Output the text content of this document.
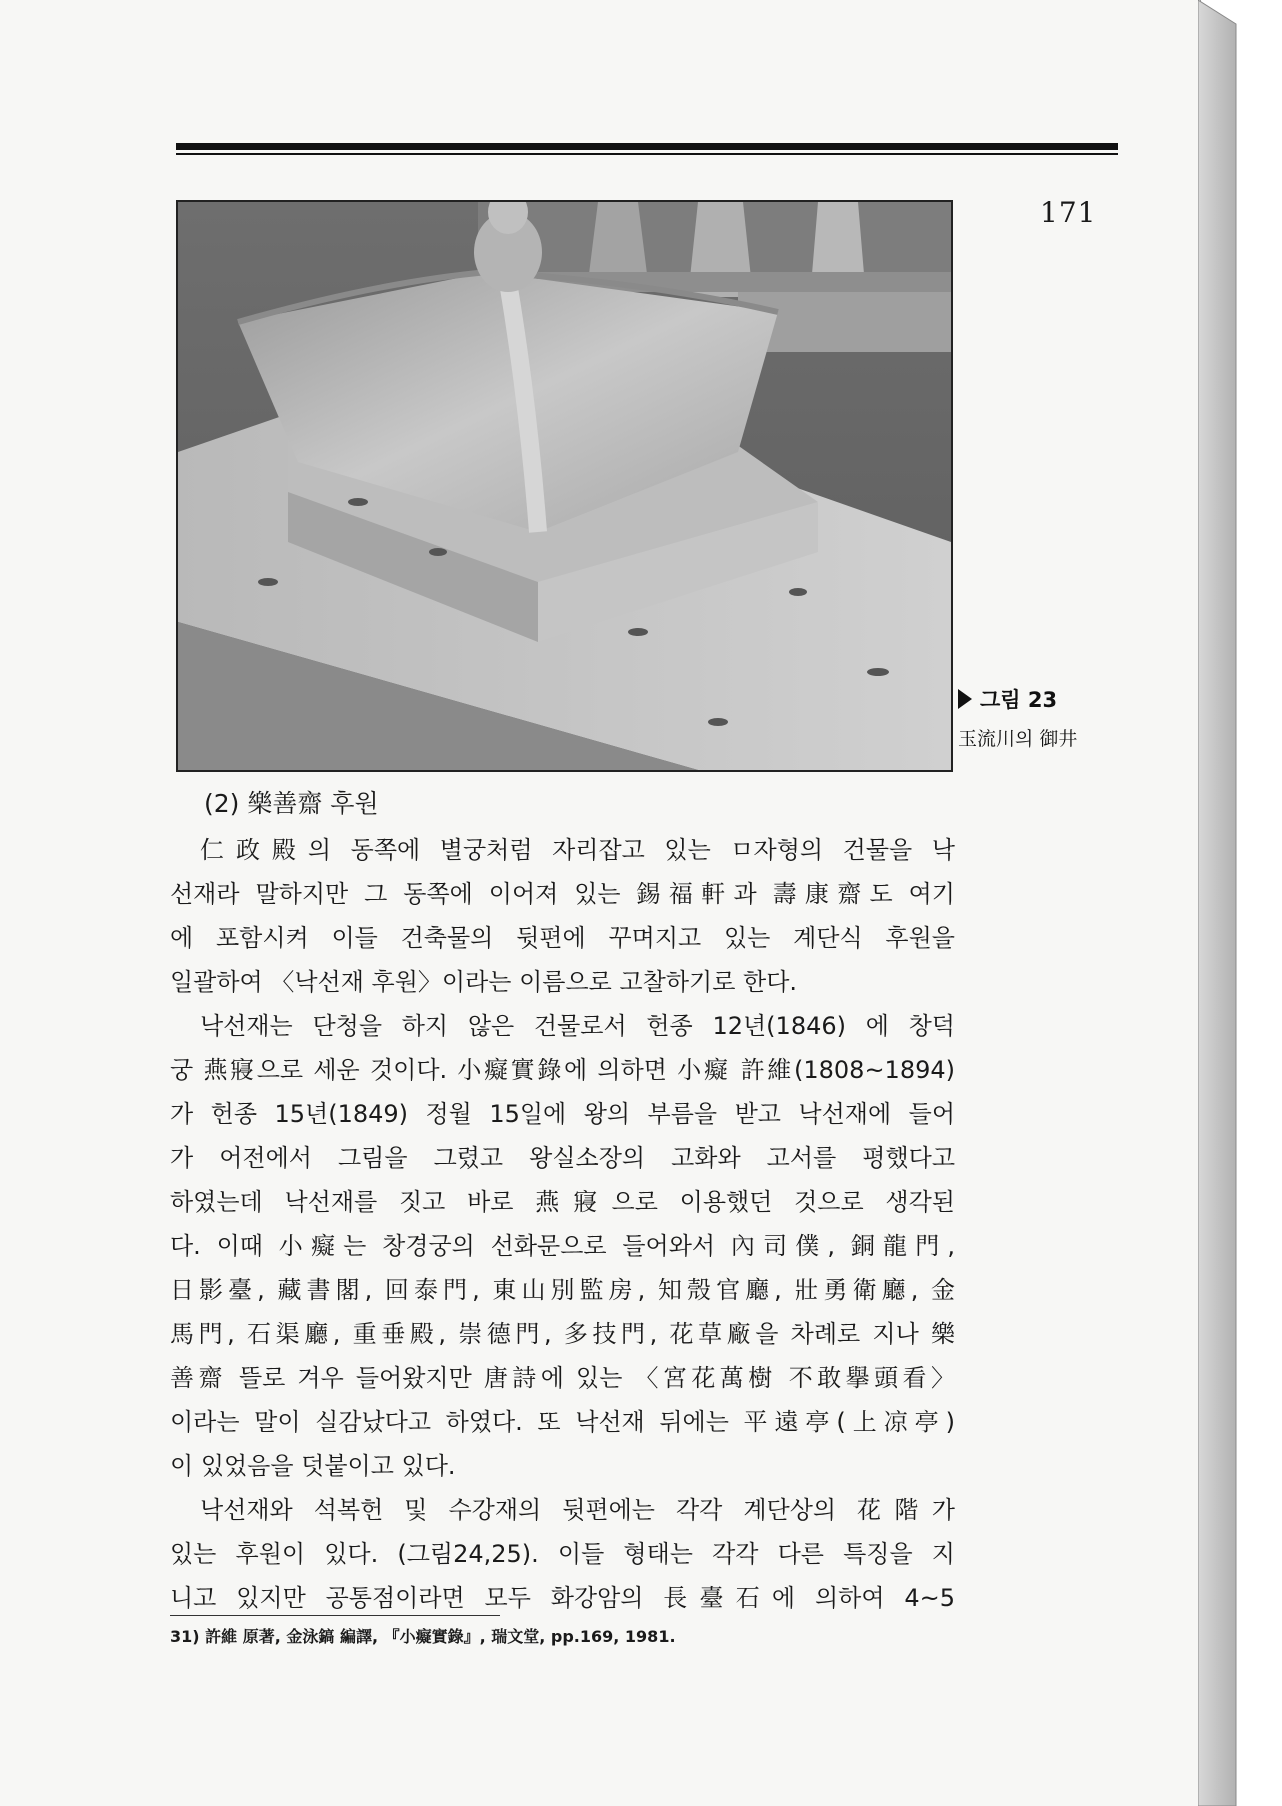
171
그림 23
玉流川의 御井
(2) 樂善齋 후원
仁政殿의 동쪽에 별궁처럼 자리잡고 있는 ㅁ자형의 건물을 낙
선재라 말하지만 그 동쪽에 이어져 있는 錫福軒과 壽康齋도 여기
에 포함시켜 이들 건축물의 뒷편에 꾸며지고 있는 계단식 후원을
일괄하여 〈낙선재 후원〉이라는 이름으로 고찰하기로 한다.
낙선재는 단청을 하지 않은 건물로서 헌종 12년(1846) 에 창덕
궁 燕寢으로 세운 것이다. 小癡實錄에 의하면 小癡 許維(1808~1894)
가 헌종 15년(1849) 정월 15일에 왕의 부름을 받고 낙선재에 들어
가 어전에서 그림을 그렸고 왕실소장의 고화와 고서를 평했다고
하였는데 낙선재를 짓고 바로 燕寢으로 이용했던 것으로 생각된
다. 이때 小癡는 창경궁의 선화문으로 들어와서 內司僕, 銅龍門,
日影臺, 藏書閣, 回泰門, 東山別監房, 知殼官廳, 壯勇衛廳, 金
馬門, 石渠廳, 重垂殿, 崇德門, 多技門, 花草廠을 차례로 지나 樂
善齋 뜰로 겨우 들어왔지만 唐詩에 있는 〈宮花萬樹 不敢擧頭看〉
이라는 말이 실감났다고 하였다. 또 낙선재 뒤에는 平遠亭(上凉亭)
이 있었음을 덧붙이고 있다.
낙선재와 석복헌 및 수강재의 뒷편에는 각각 계단상의 花階가
있는 후원이 있다. (그림24,25). 이들 형태는 각각 다른 특징을 지
니고 있지만 공통점이라면 모두 화강암의 長臺石에 의하여 4~5
31) 許維 原著, 金泳鎬 編譯, 『小癡實錄』, 瑞文堂, pp.169, 1981.
